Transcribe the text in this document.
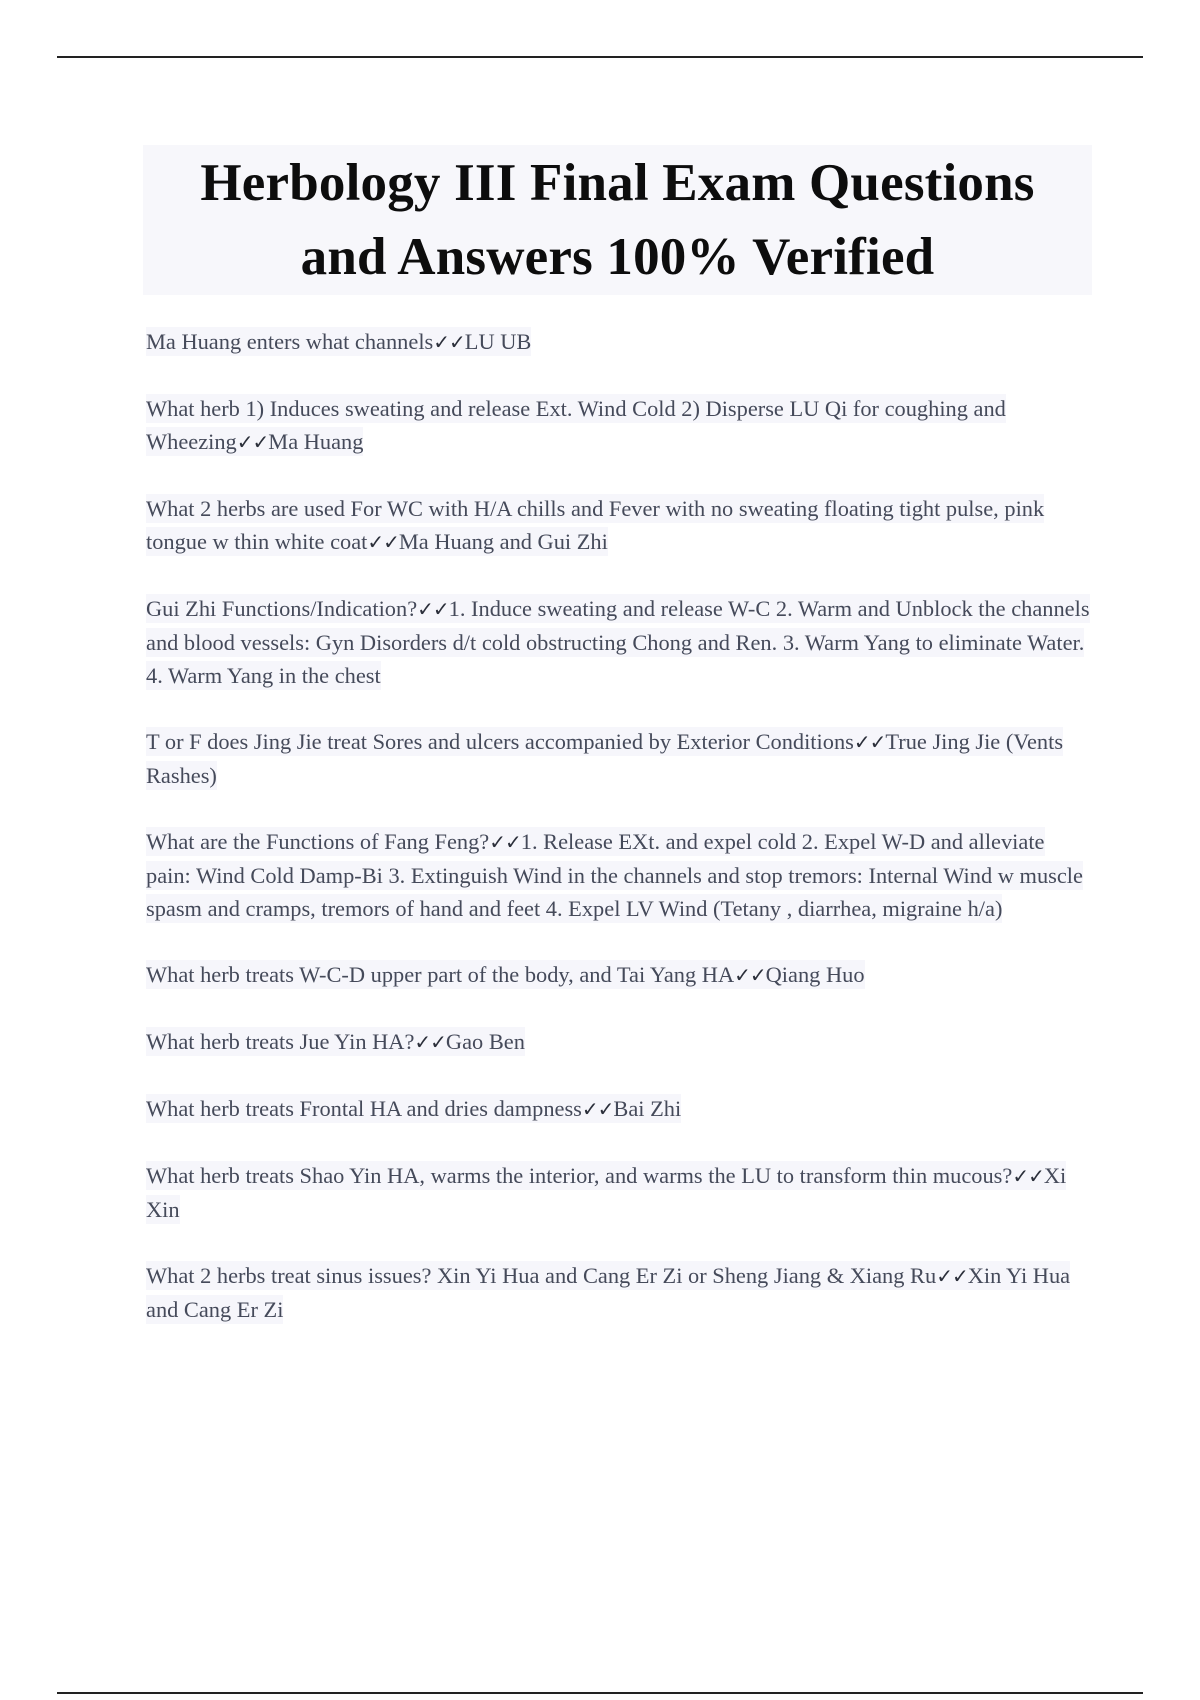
Herbology III Final Exam Questions
and Answers 100% Verified

Ma Huang enters what channels✓✓LU UB

What herb 1) Induces sweating and release Ext. Wind Cold 2) Disperse LU Qi for coughing and Wheezing✓✓Ma Huang

What 2 herbs are used For WC with H/A chills and Fever with no sweating floating tight pulse, pink tongue w thin white coat✓✓Ma Huang and Gui Zhi

Gui Zhi Functions/Indication?✓✓1. Induce sweating and release W-C 2. Warm and Unblock the channels and blood vessels: Gyn Disorders d/t cold obstructing Chong and Ren. 3. Warm Yang to eliminate Water. 4. Warm Yang in the chest

T or F does Jing Jie treat Sores and ulcers accompanied by Exterior Conditions✓✓True Jing Jie (Vents Rashes)

What are the Functions of Fang Feng?✓✓1. Release EXt. and expel cold 2. Expel W-D and alleviate pain: Wind Cold Damp-Bi 3. Extinguish Wind in the channels and stop tremors: Internal Wind w muscle spasm and cramps, tremors of hand and feet 4. Expel LV Wind (Tetany , diarrhea, migraine h/a)

What herb treats W-C-D upper part of the body, and Tai Yang HA✓✓Qiang Huo

What herb treats Jue Yin HA?✓✓Gao Ben

What herb treats Frontal HA and dries dampness✓✓Bai Zhi

What herb treats Shao Yin HA, warms the interior, and warms the LU to transform thin mucous?✓✓Xi Xin

What 2 herbs treat sinus issues? Xin Yi Hua and Cang Er Zi or Sheng Jiang & Xiang Ru✓✓Xin Yi Hua and Cang Er Zi
